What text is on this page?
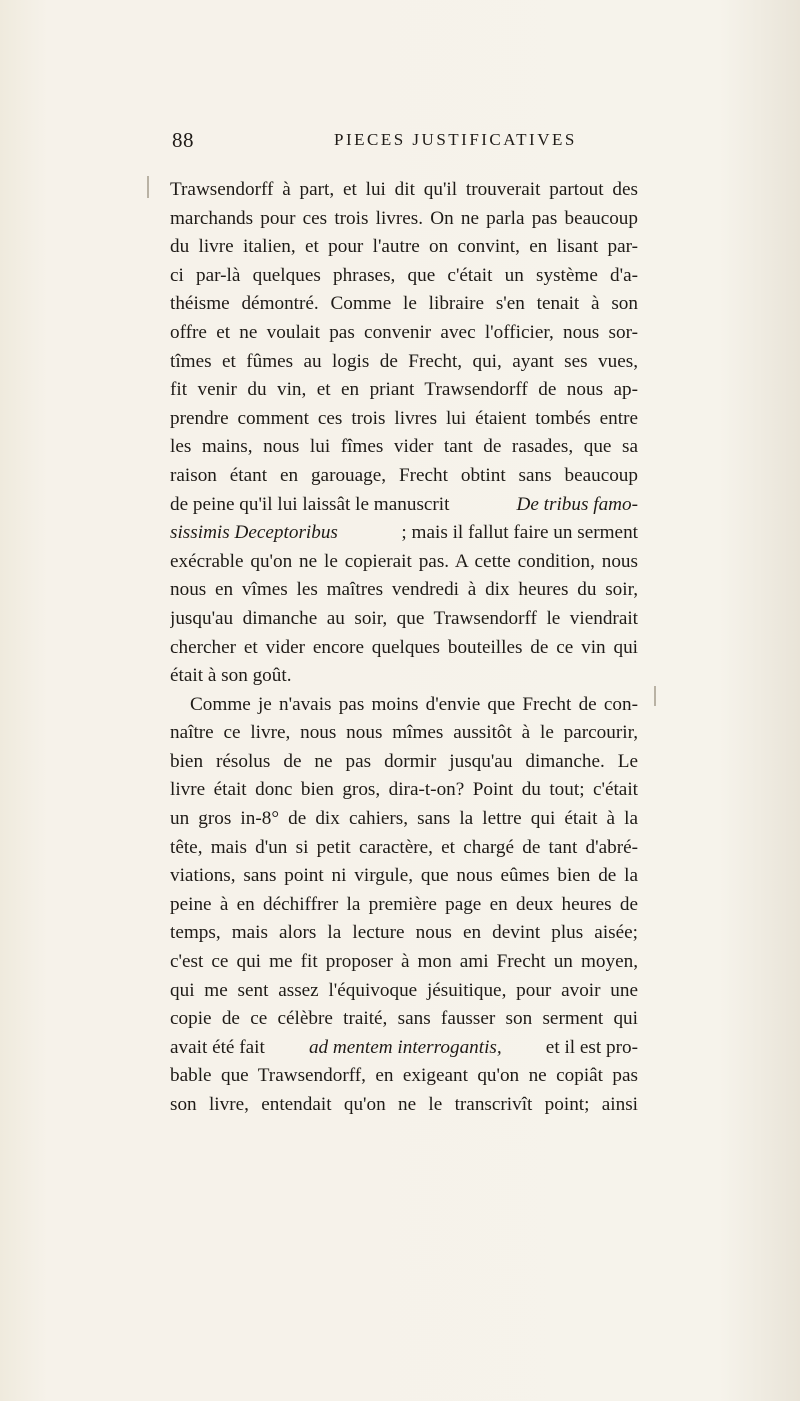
88	PIECES JUSTIFICATIVES
Trawsendorff à part, et lui dit qu'il trouverait partout des
marchands pour ces trois livres. On ne parla pas beaucoup
du livre italien, et pour l'autre on convint, en lisant par-
ci par-là quelques phrases, que c'était un système d'a-
théisme démontré. Comme le libraire s'en tenait à son
offre et ne voulait pas convenir avec l'officier, nous sor-
tîmes et fûmes au logis de Frecht, qui, ayant ses vues,
fit venir du vin, et en priant Trawsendorff de nous ap-
prendre comment ces trois livres lui étaient tombés entre
les mains, nous lui fîmes vider tant de rasades, que sa
raison étant en garouage, Frecht obtint sans beaucoup
de peine qu'il lui laissât le manuscrit	De tribus famo-
sissimis Deceptoribus	; mais il fallut faire un serment
exécrable qu'on ne le copierait pas. A cette condition, nous
nous en vîmes les maîtres vendredi à dix heures du soir,
jusqu'au dimanche au soir, que Trawsendorff le viendrait
chercher et vider encore quelques bouteilles de ce vin qui
était à son goût.
Comme je n'avais pas moins d'envie que Frecht de con-
naître ce livre, nous nous mîmes aussitôt à le parcourir,
bien résolus de ne pas dormir jusqu'au dimanche. Le
livre était donc bien gros, dira-t-on? Point du tout; c'était
un gros in-8° de dix cahiers, sans la lettre qui était à la
tête, mais d'un si petit caractère, et chargé de tant d'abré-
viations, sans point ni virgule, que nous eûmes bien de la
peine à en déchiffrer la première page en deux heures de
temps, mais alors la lecture nous en devint plus aisée;
c'est ce qui me fit proposer à mon ami Frecht un moyen,
qui me sent assez l'équivoque jésuitique, pour avoir une
copie de ce célèbre traité, sans fausser son serment qui
avait été fait ad mentem interrogantis, et il est pro-
bable que Trawsendorff, en exigeant qu'on ne copiât pas
son livre, entendait qu'on ne le transcrivît point; ainsi
